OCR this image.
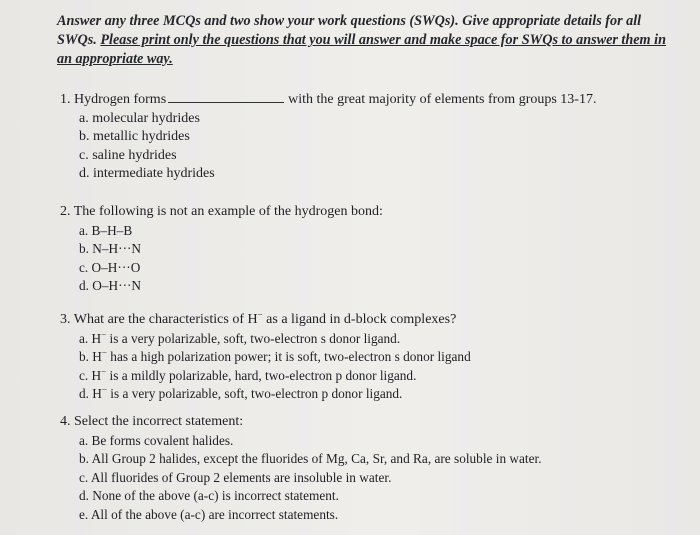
Answer any three MCQs and two show your work questions (SWQs). Give appropriate details for all SWQs. Please print only the questions that you will answer and make space for SWQs to answer them in an appropriate way.
1. Hydrogen forms	with the great majority of elements from groups 13-17.
a. molecular hydrides
b. metallic hydrides
c. saline hydrides
d. intermediate hydrides
2. The following is not an example of the hydrogen bond:
a. B–H–B
b. N–H···N
c. O–H···O
d. O–H···N
3. What are the characteristics of H− as a ligand in d-block complexes?
a. H− is a very polarizable, soft, two-electron s donor ligand.
b. H− has a high polarization power; it is soft, two-electron s donor ligand
c. H− is a mildly polarizable, hard, two-electron p donor ligand.
d. H− is a very polarizable, soft, two-electron p donor ligand.
4. Select the incorrect statement:
a. Be forms covalent halides.
b. All Group 2 halides, except the fluorides of Mg, Ca, Sr, and Ra, are soluble in water.
c. All fluorides of Group 2 elements are insoluble in water.
d. None of the above (a-c) is incorrect statement.
e. All of the above (a-c) are incorrect statements.
